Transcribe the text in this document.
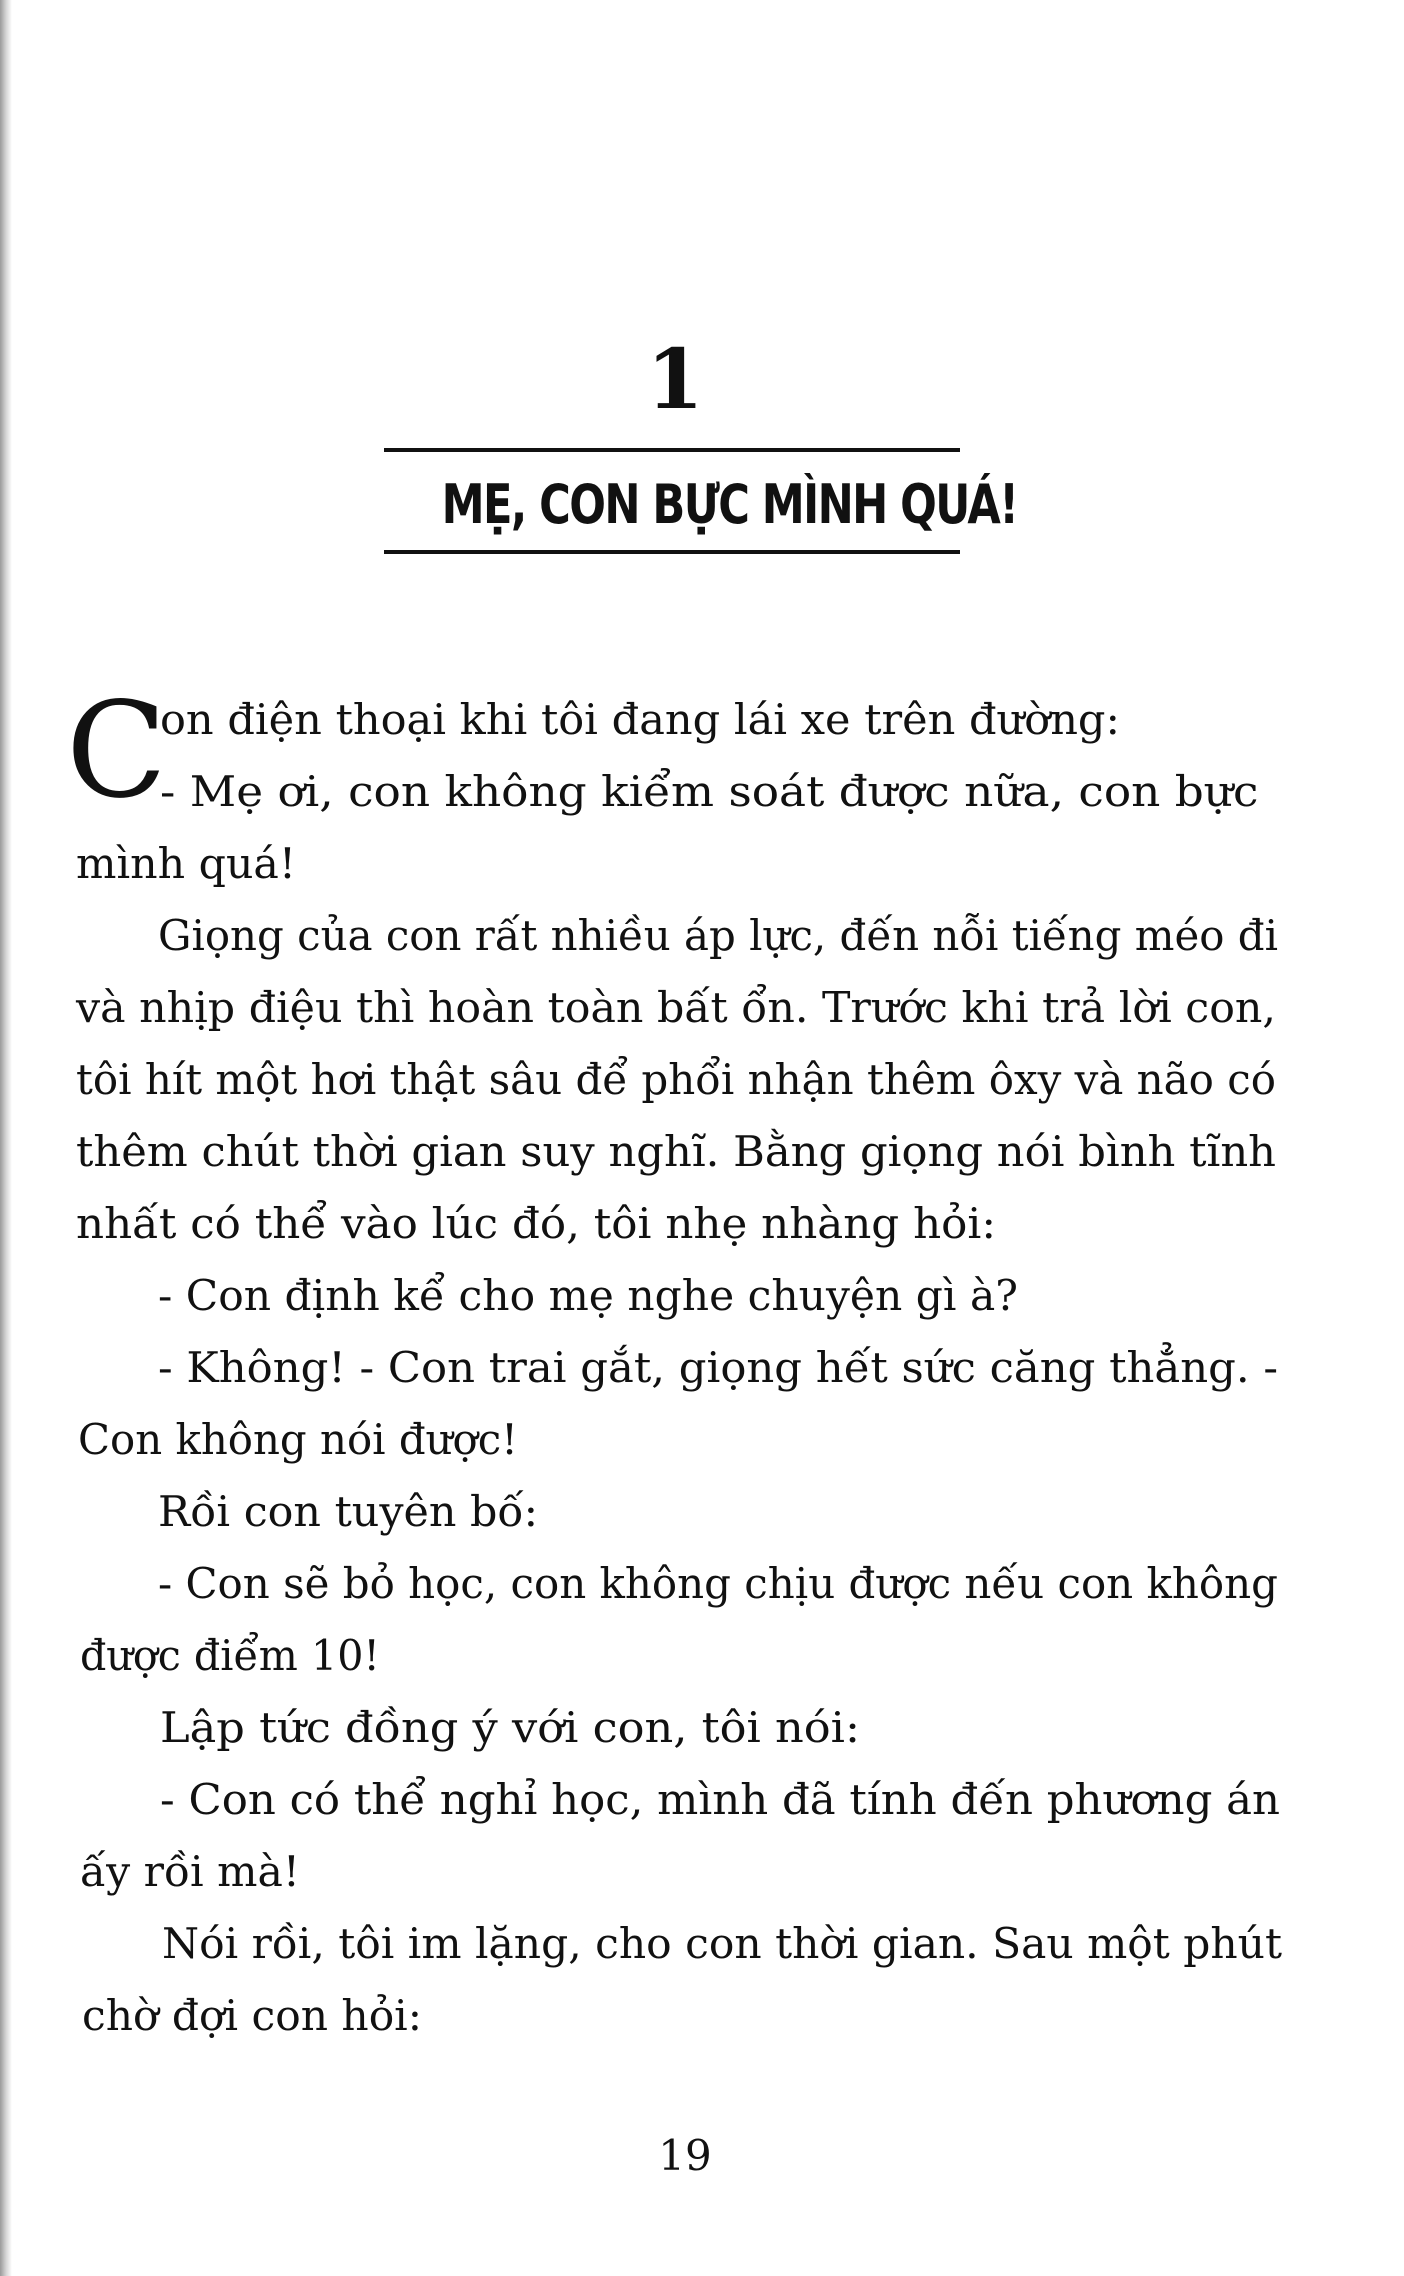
1
MẸ, CON BỰC MÌNH QUÁ!
C
on điện thoại khi tôi đang lái xe trên đường:
- Mẹ ơi, con không kiểm soát được nữa, con bực
mình quá!
Giọng của con rất nhiều áp lực, đến nỗi tiếng méo đi
và nhịp điệu thì hoàn toàn bất ổn. Trước khi trả lời con,
tôi hít một hơi thật sâu để phổi nhận thêm ôxy và não có
thêm chút thời gian suy nghĩ. Bằng giọng nói bình tĩnh
nhất có thể vào lúc đó, tôi nhẹ nhàng hỏi:
- Con định kể cho mẹ nghe chuyện gì à?
- Không! - Con trai gắt, giọng hết sức căng thẳng. -
Con không nói được!
Rồi con tuyên bố:
- Con sẽ bỏ học, con không chịu được nếu con không
được điểm 10!
Lập tức đồng ý với con, tôi nói:
- Con có thể nghỉ học, mình đã tính đến phương án
ấy rồi mà!
Nói rồi, tôi im lặng, cho con thời gian. Sau một phút
chờ đợi con hỏi:
19
